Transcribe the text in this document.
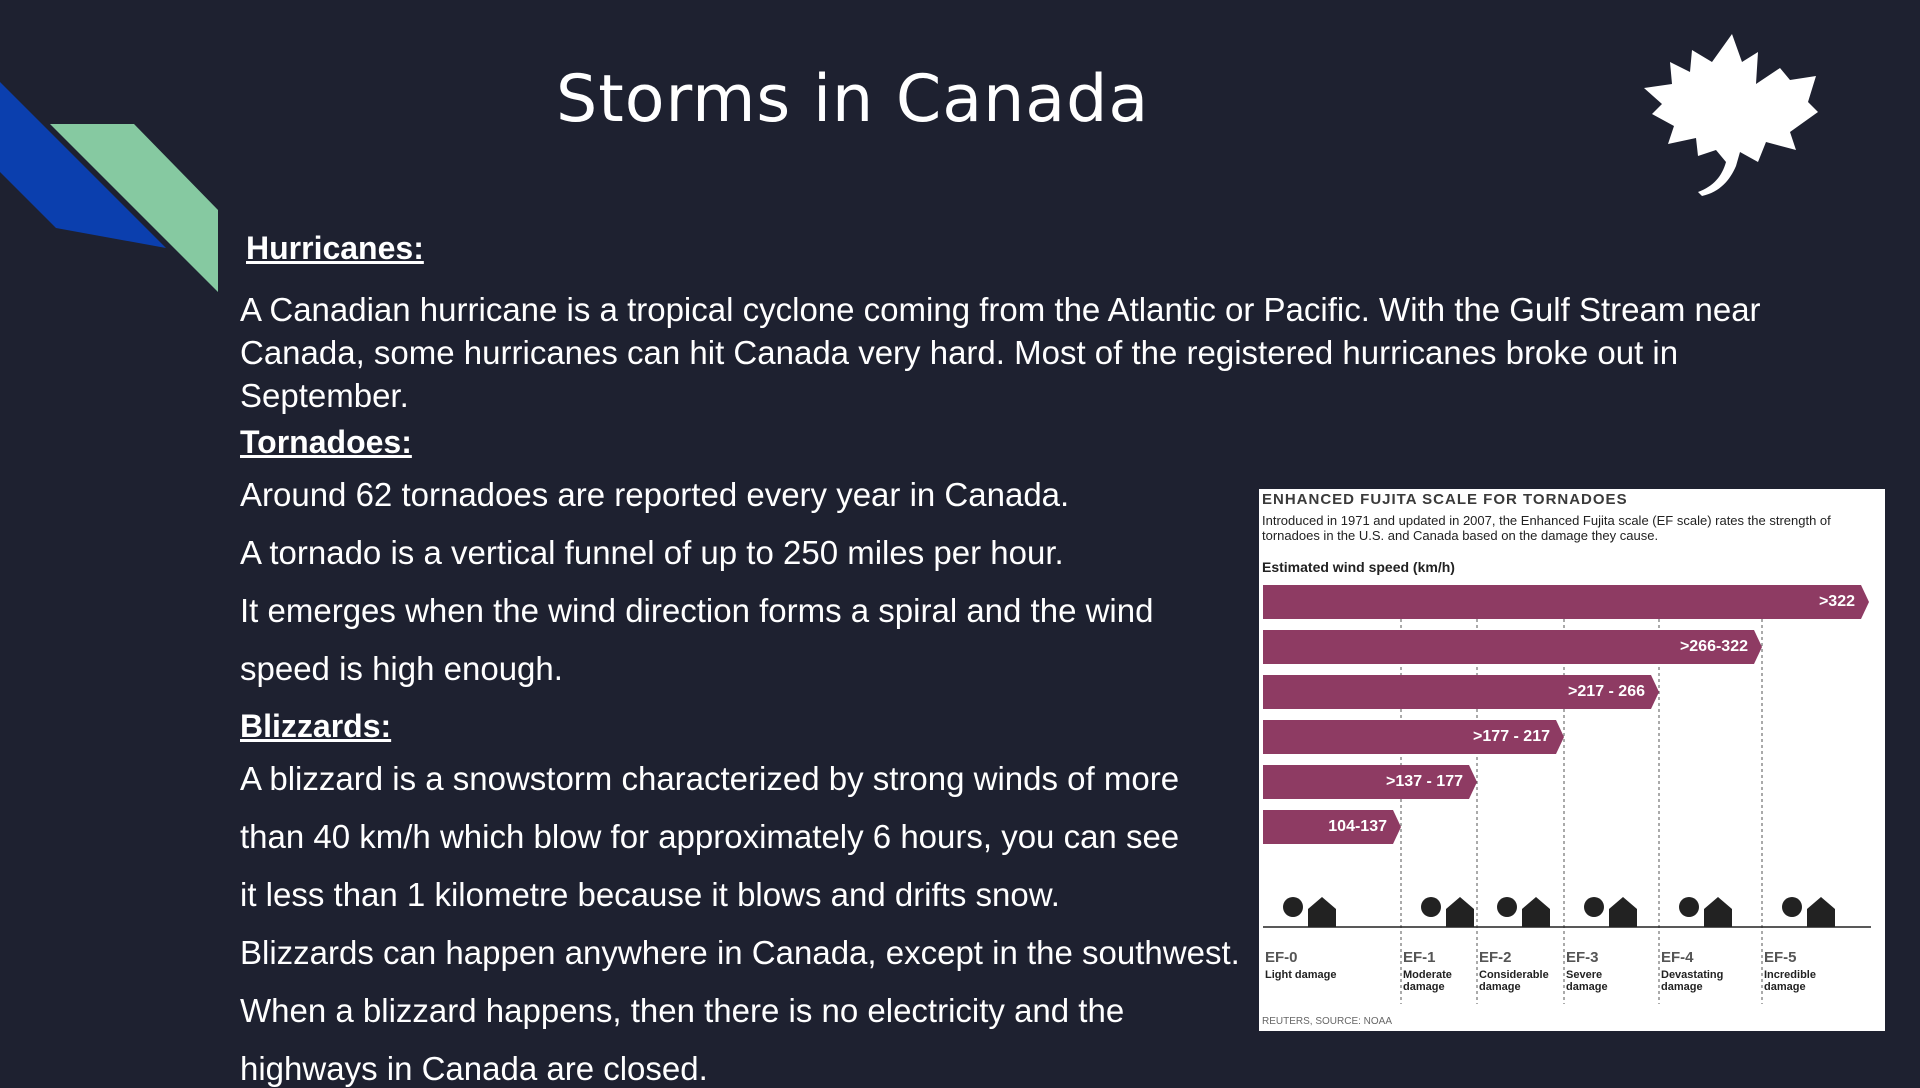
Storms in Canada
Hurricanes:
A Canadian hurricane is a tropical cyclone coming from the Atlantic or Pacific. With the Gulf Stream near Canada, some hurricanes can hit Canada very hard. Most of the registered hurricanes broke out in September.
Tornadoes:
Around 62 tornadoes are reported every year in Canada.
A tornado is a vertical funnel of up to 250 miles per hour.
It emerges when the wind direction forms a spiral and the wind
speed is high enough.
Blizzards:
A blizzard is a snowstorm characterized by strong winds of more
than 40 km/h which blow for approximately 6 hours, you can see
it less than 1 kilometre because it blows and drifts snow.
Blizzards can happen anywhere in Canada, except in the southwest.
When a blizzard happens, then there is no electricity and the
highways in Canada are closed.
ENHANCED FUJITA SCALE FOR TORNADOES
Introduced in 1971 and updated in 2007, the Enhanced Fujita scale (EF scale) rates the strength of tornadoes in the U.S. and Canada based on the damage they cause.
Estimated wind speed (km/h)
104-137
>137 - 177
>177 - 217
>217 - 266
>266-322
>322
EF-0
Light damage
EF-1
Moderate damage
EF-2
Considerable damage
EF-3
Severe damage
EF-4
Devastating damage
EF-5
Incredible damage
REUTERS, SOURCE: NOAA
